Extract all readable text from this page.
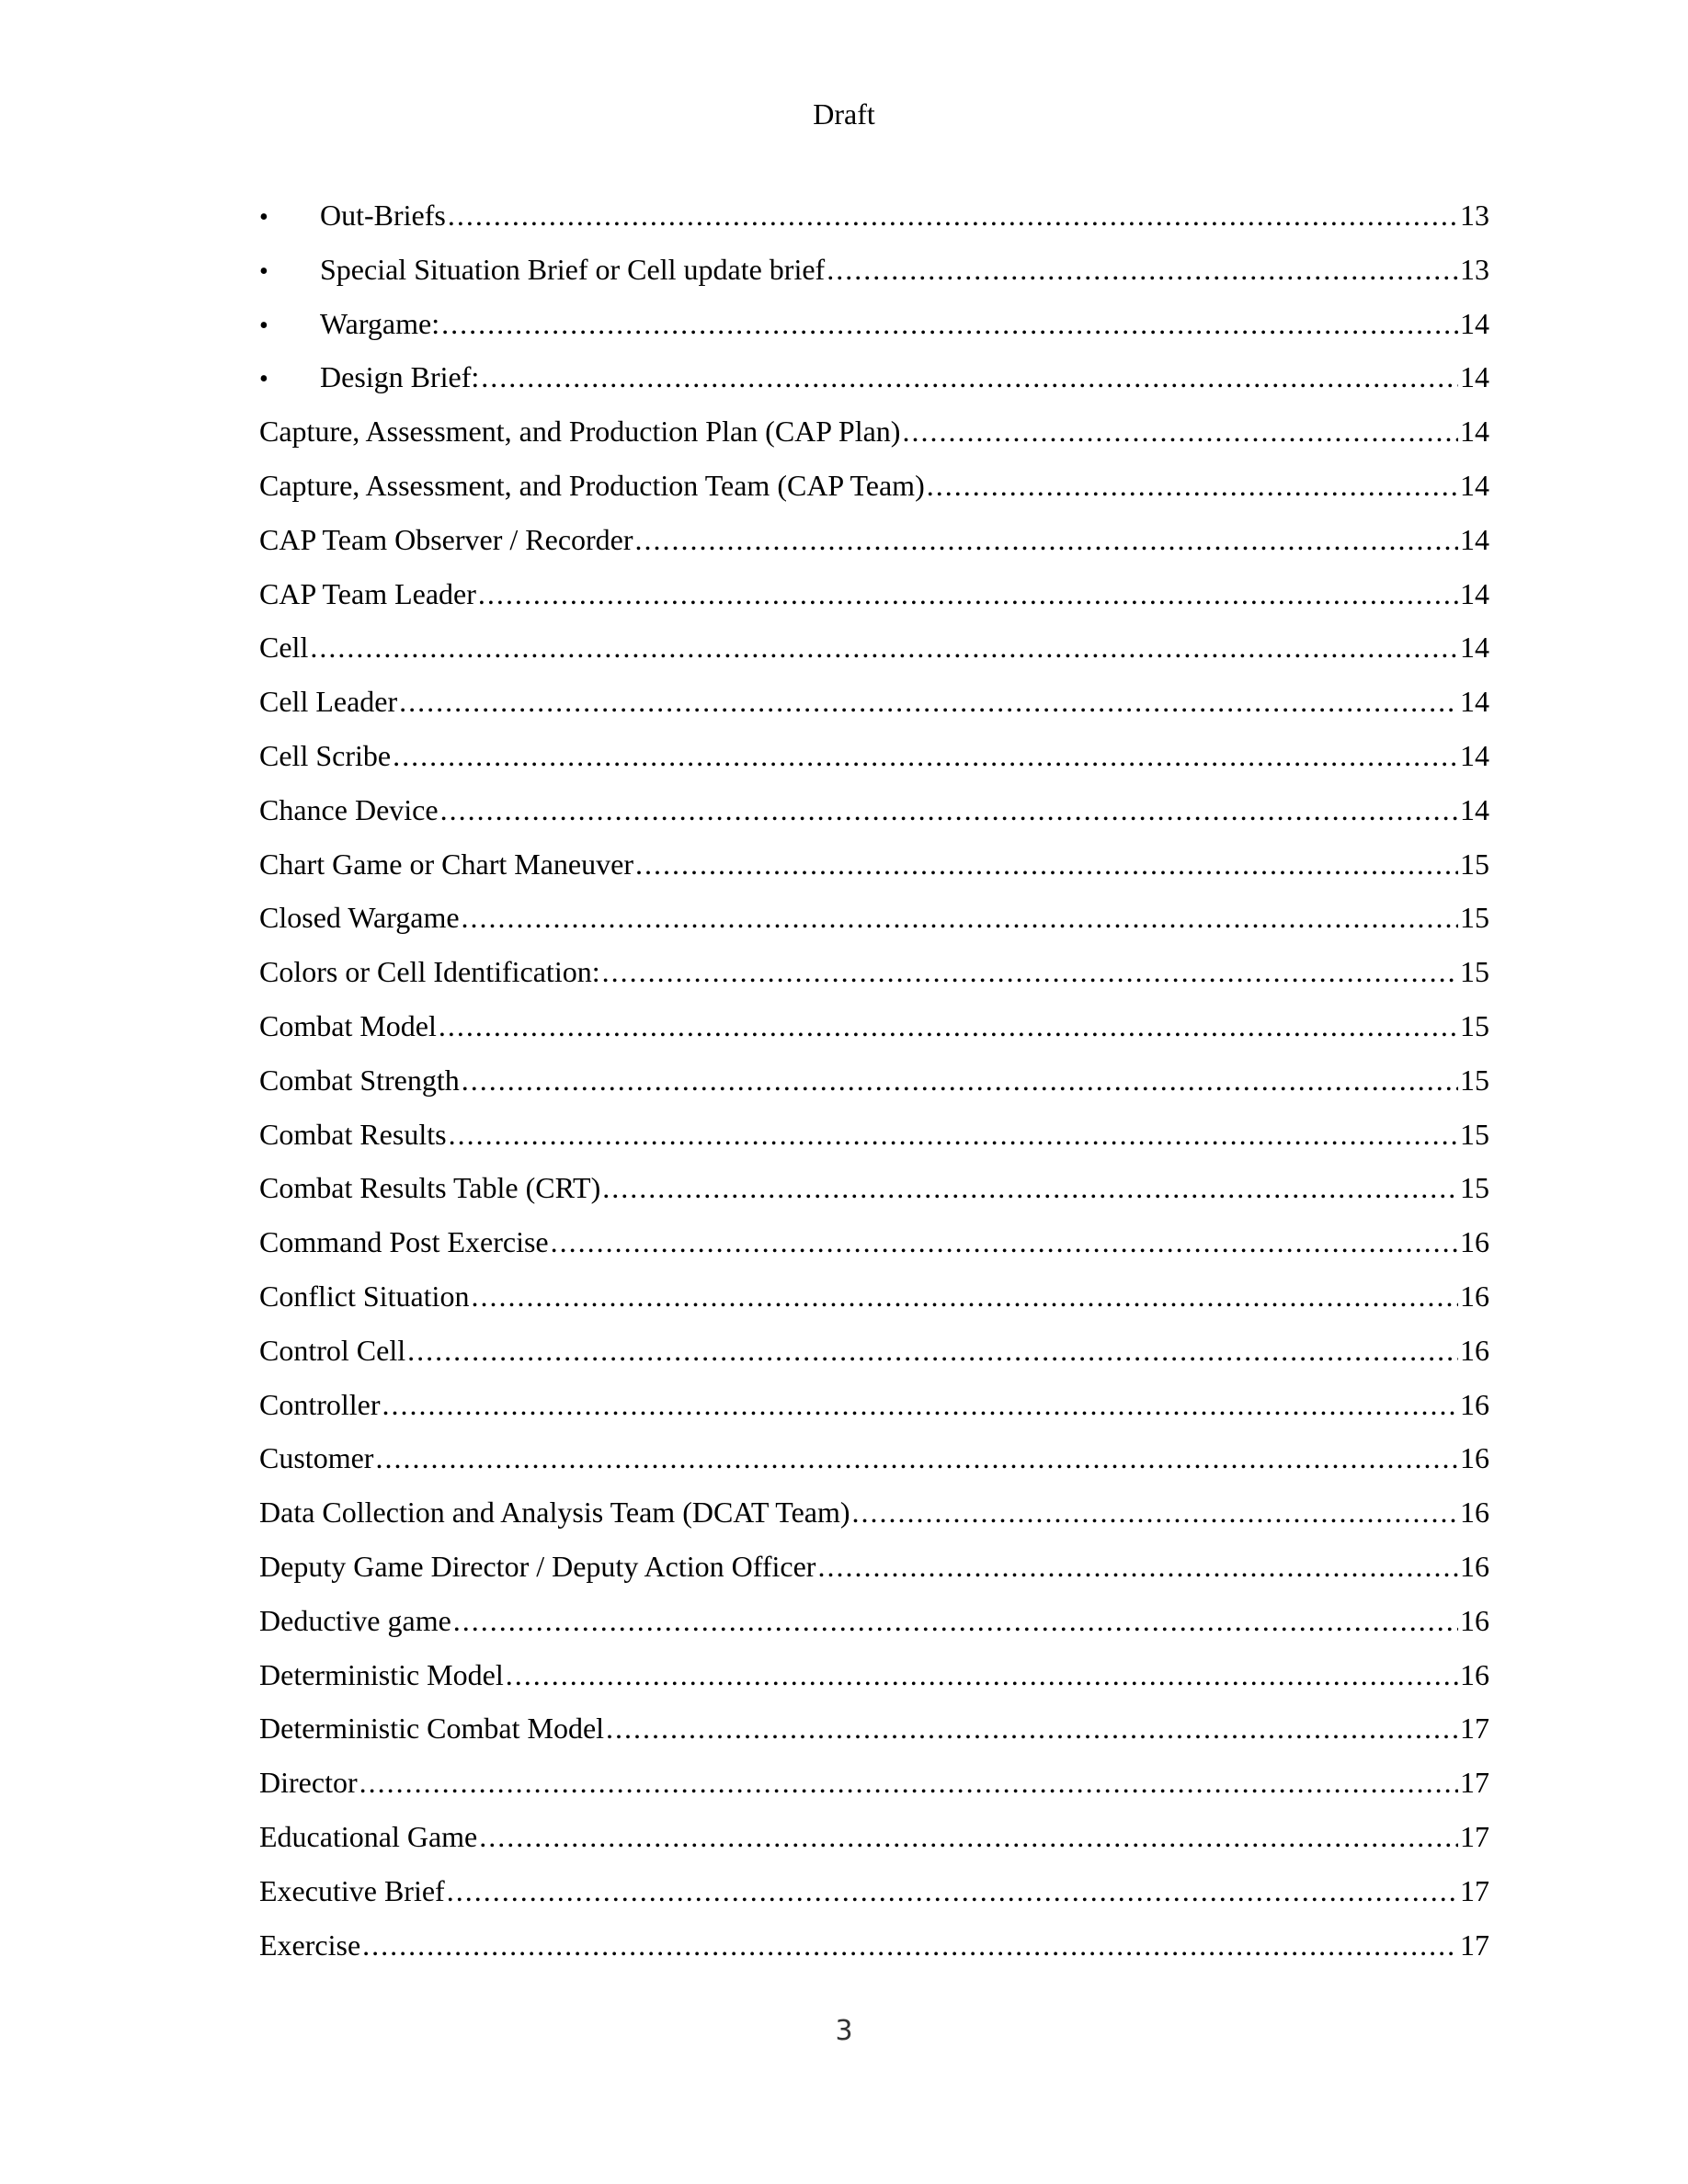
Draft
•	Out-Briefs .....	13
•	Special Situation Brief or Cell update brief .....	13
•	Wargame: .....	14
•	Design Brief: .....	14
Capture, Assessment, and Production Plan (CAP Plan) .....	14
Capture, Assessment, and Production Team (CAP Team) .....	14
CAP Team Observer / Recorder .....	14
CAP Team Leader .....	14
Cell .....	14
Cell Leader .....	14
Cell Scribe .....	14
Chance Device .....	14
Chart Game or Chart Maneuver .....	15
Closed Wargame .....	15
Colors or Cell Identification: .....	15
Combat Model .....	15
Combat Strength .....	15
Combat Results .....	15
Combat Results Table (CRT) .....	15
Command Post Exercise .....	16
Conflict Situation .....	16
Control Cell .....	16
Controller .....	16
Customer .....	16
Data Collection and Analysis Team (DCAT Team) .....	16
Deputy Game Director / Deputy Action Officer .....	16
Deductive game .....	16
Deterministic Model .....	16
Deterministic Combat Model .....	17
Director .....	17
Educational Game .....	17
Executive Brief .....	17
Exercise .....	17
3
